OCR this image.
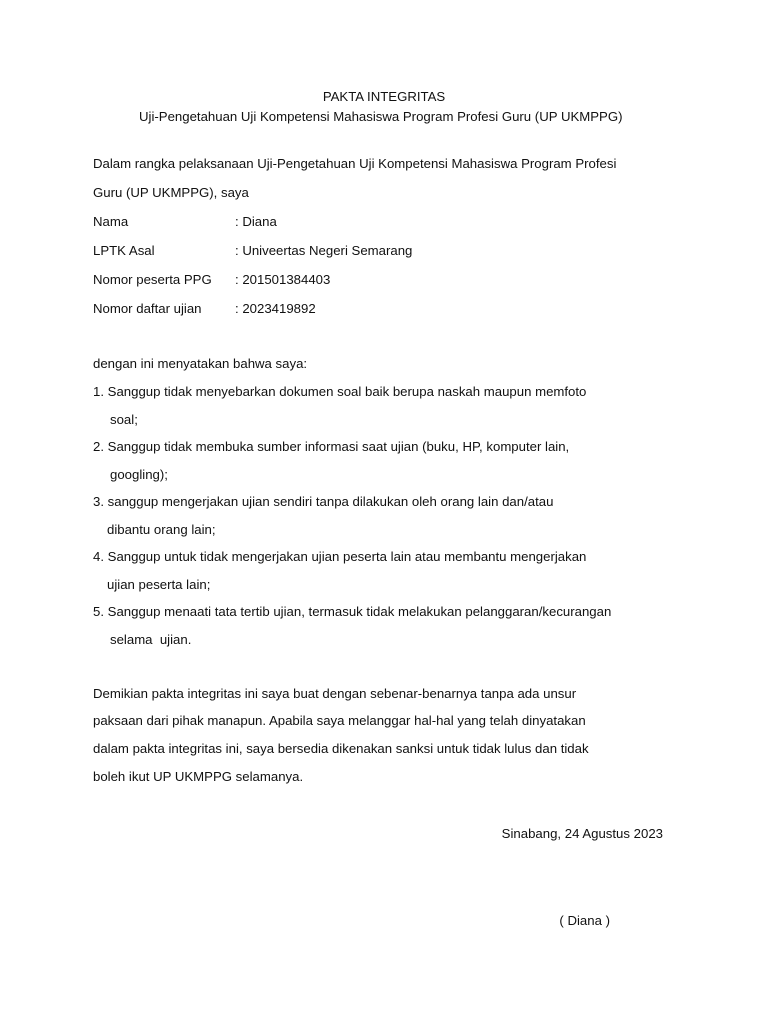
PAKTA INTEGRITAS
Uji-Pengetahuan Uji Kompetensi Mahasiswa Program Profesi Guru (UP UKMPPG)
Dalam rangka pelaksanaan Uji-Pengetahuan Uji Kompetensi Mahasiswa Program Profesi
Guru (UP UKMPPG), saya
Nama	: Diana
LPTK Asal	: Univeertas Negeri Semarang
Nomor peserta PPG : 201501384403
Nomor daftar ujian	: 2023419892
dengan ini menyatakan bahwa saya:
1. Sanggup tidak menyebarkan dokumen soal baik berupa naskah maupun memfoto
soal;
2. Sanggup tidak membuka sumber informasi saat ujian (buku, HP, komputer lain,
googling);
3. sanggup mengerjakan ujian sendiri tanpa dilakukan oleh orang lain dan/atau
dibantu orang lain;
4. Sanggup untuk tidak mengerjakan ujian peserta lain atau membantu mengerjakan
ujian peserta lain;
5. Sanggup menaati tata tertib ujian, termasuk tidak melakukan pelanggaran/kecurangan
selama  ujian.
Demikian pakta integritas ini saya buat dengan sebenar-benarnya tanpa ada unsur
paksaan dari pihak manapun. Apabila saya melanggar hal-hal yang telah dinyatakan
dalam pakta integritas ini, saya bersedia dikenakan sanksi untuk tidak lulus dan tidak
boleh ikut UP UKMPPG selamanya.
Sinabang, 24 Agustus 2023
( Diana )
